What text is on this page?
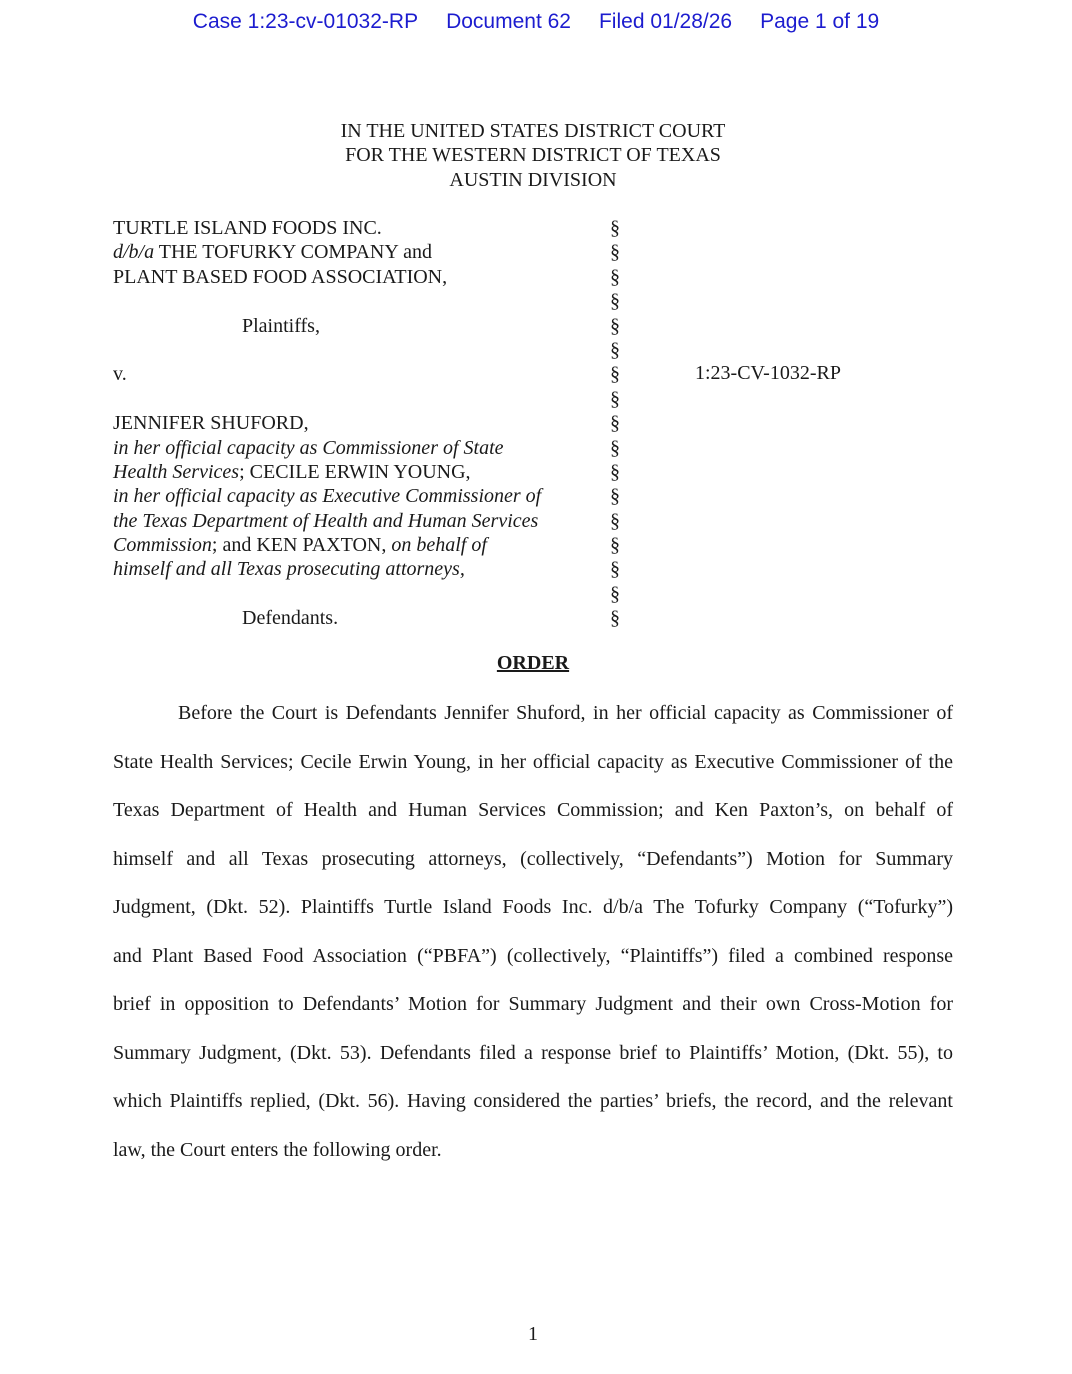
Case 1:23-cv-01032-RP Document 62 Filed 01/28/26 Page 1 of 19
IN THE UNITED STATES DISTRICT COURT
FOR THE WESTERN DISTRICT OF TEXAS
AUSTIN DIVISION
TURTLE ISLAND FOODS INC.
d/b/a THE TOFURKY COMPANY and
PLANT BASED FOOD ASSOCIATION,
Plaintiffs,
v.
JENNIFER SHUFORD,
in her official capacity as Commissioner of State
Health Services; CECILE ERWIN YOUNG,
in her official capacity as Executive Commissioner of
the Texas Department of Health and Human Services
Commission; and KEN PAXTON, on behalf of
himself and all Texas prosecuting attorneys,
Defendants.
§
§
§
§
§
§
§
§
§
§
§
§
§
§
§
§
§
1:23-CV-1032-RP
ORDER
Before the Court is Defendants Jennifer Shuford, in her official capacity as Commissioner of
State Health Services; Cecile Erwin Young, in her official capacity as Executive Commissioner of the
Texas Department of Health and Human Services Commission; and Ken Paxton’s, on behalf of
himself and all Texas prosecuting attorneys, (collectively, “Defendants”) Motion for Summary
Judgment, (Dkt. 52). Plaintiffs Turtle Island Foods Inc. d/b/a The Tofurky Company (“Tofurky”)
and Plant Based Food Association (“PBFA”) (collectively, “Plaintiffs”) filed a combined response
brief in opposition to Defendants’ Motion for Summary Judgment and their own Cross-Motion for
Summary Judgment, (Dkt. 53). Defendants filed a response brief to Plaintiffs’ Motion, (Dkt. 55), to
which Plaintiffs replied, (Dkt. 56). Having considered the parties’ briefs, the record, and the relevant
law, the Court enters the following order.
1
